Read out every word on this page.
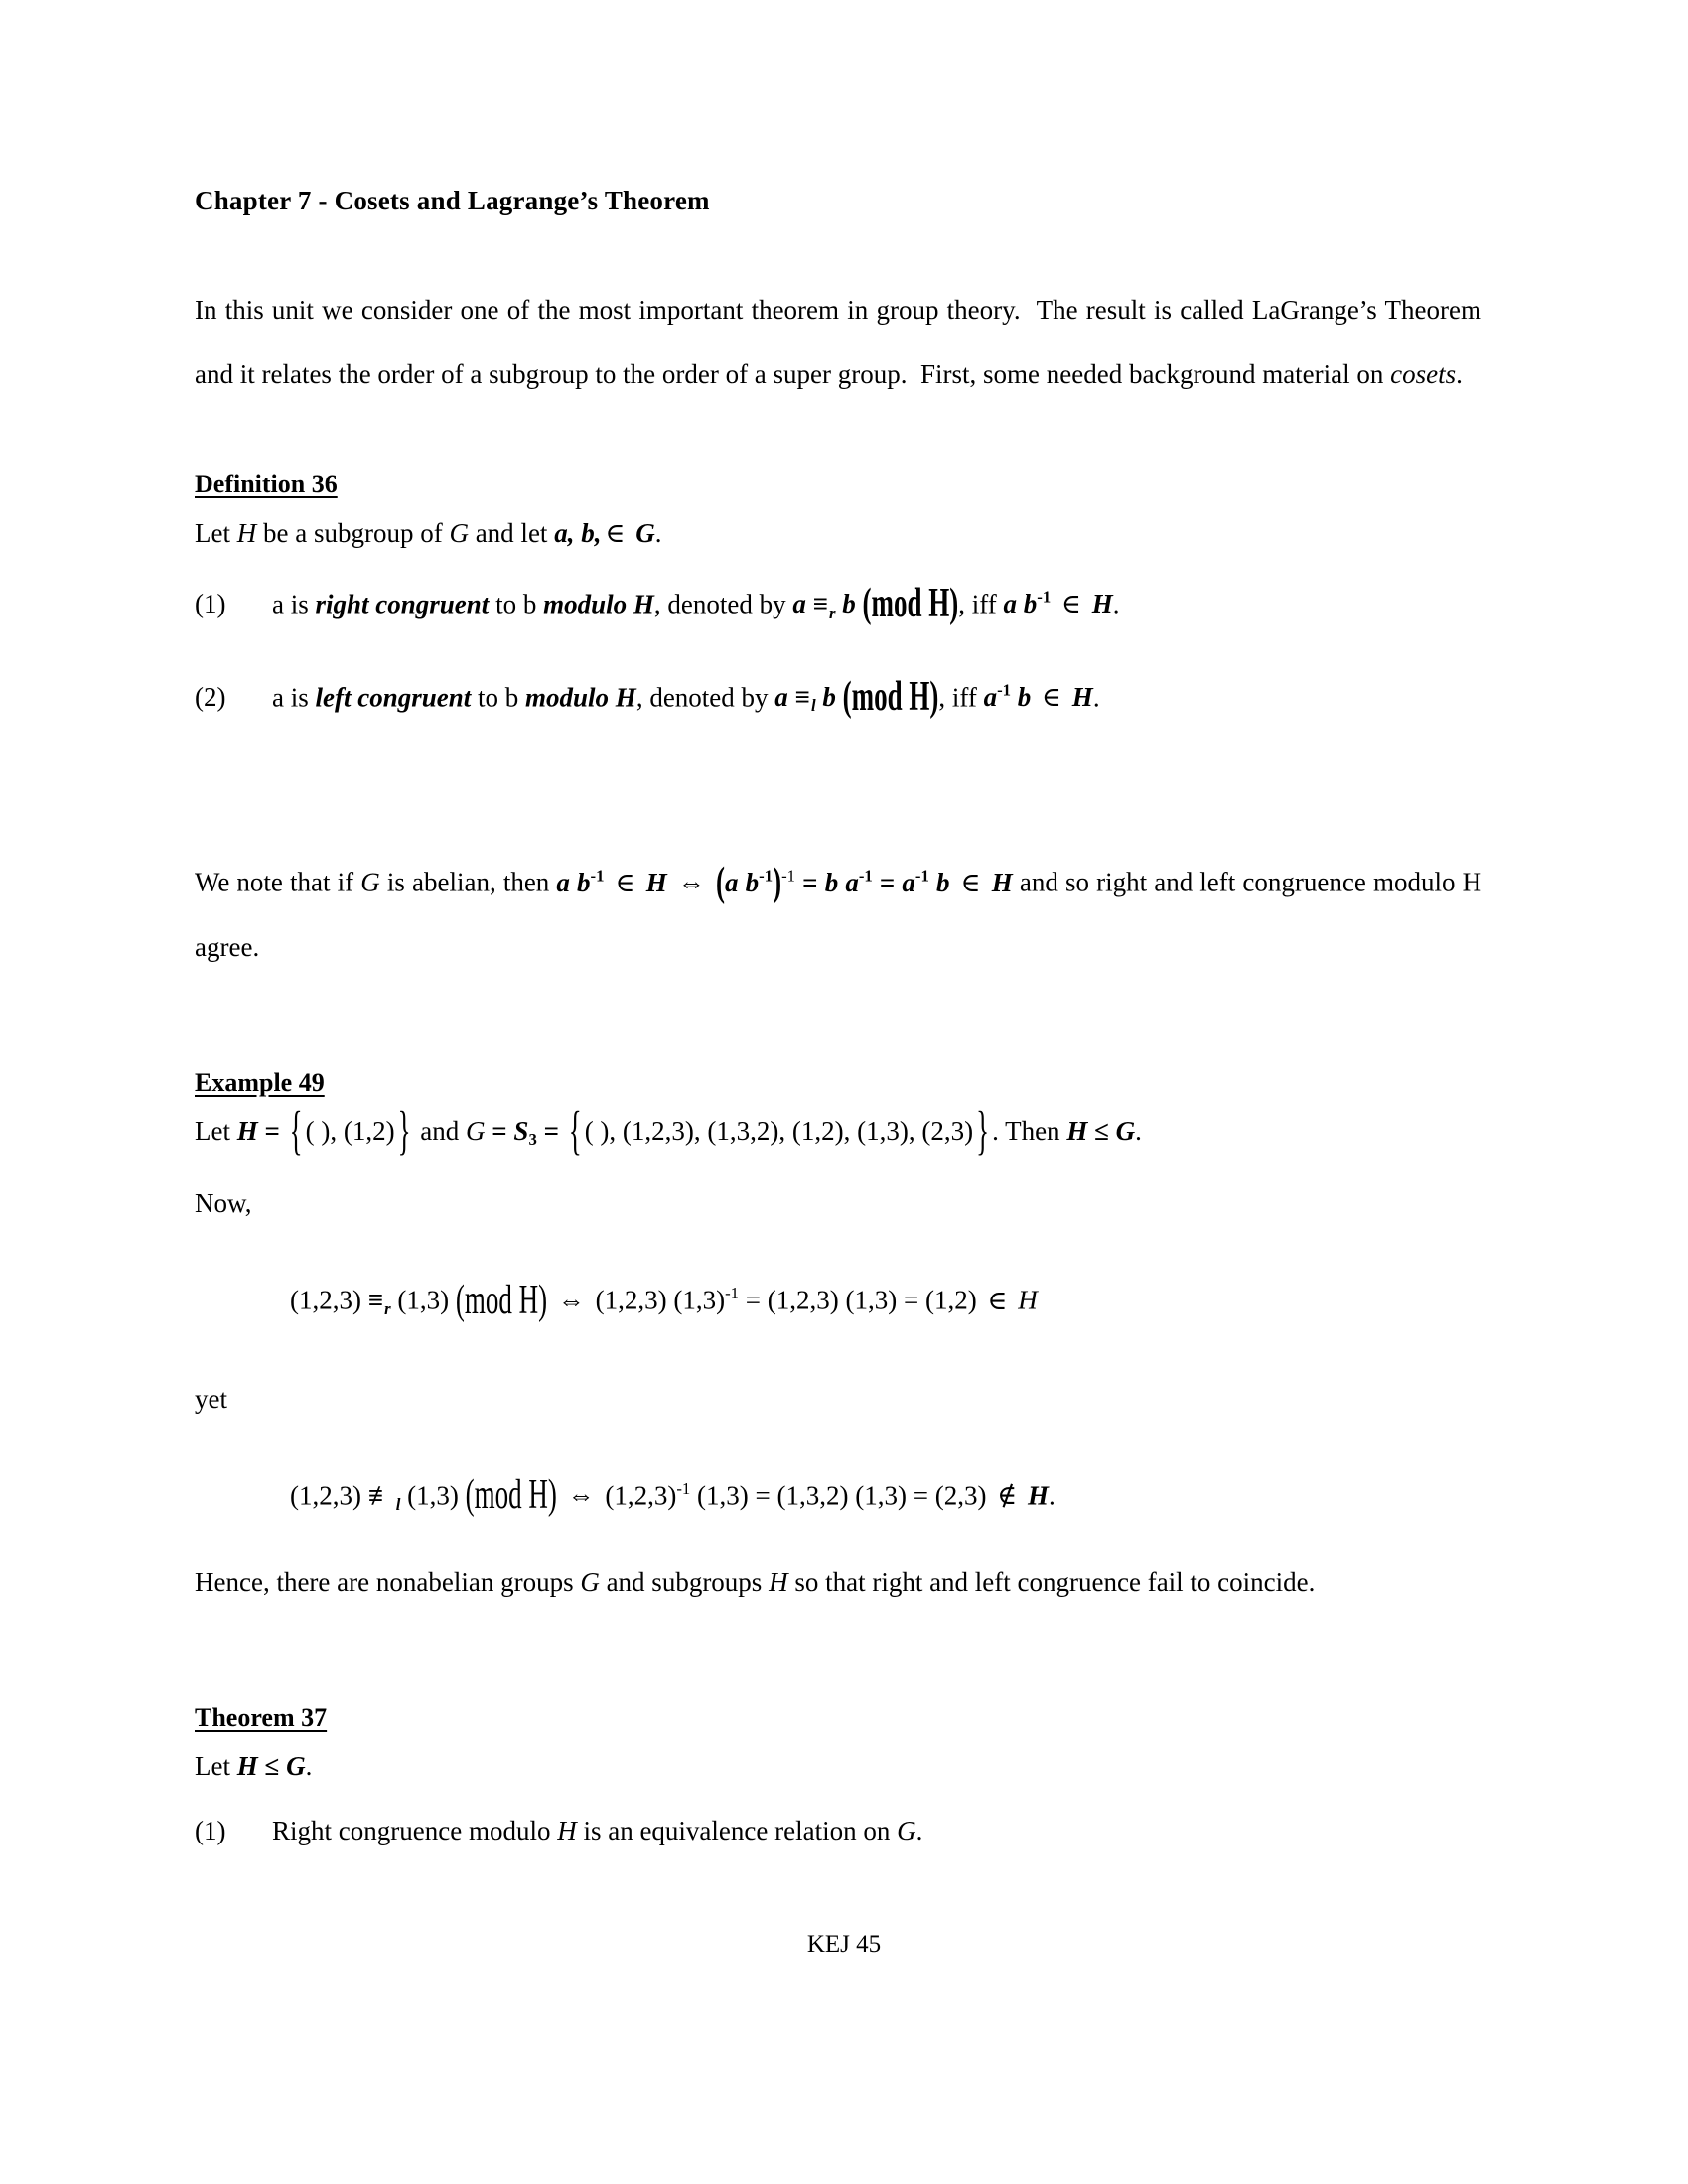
Chapter 7 - Cosets and Lagrange’s Theorem

In this unit we consider one of the most important theorem in group theory.  The result is called LaGrange’s Theorem and it relates the order of a subgroup to the order of a super group.  First, some needed background material on cosets.

Definition 36

Let H be a subgroup of G and let a, b, ∈ G.

(1)	a is right congruent to b modulo H, denoted by $a \equiv_r$ b (mod H), iff a $b^{-1}$ ∈ H.
(2)	a is left congruent to b modulo H, denoted by $a \equiv_l$ b (mod H), iff $a^{-1}$ b ∈ H.

We note that if G is abelian, then a $b^{-1}$ ∈ H ⇔ (a $b^{-1})^{-1} = b$ $a^{-1} = a^{-1}$ b ∈ H and so right and left congruence modulo H agree.

Example 49

Let H = { ( ), (1,2) } and $G = S_3$ = { ( ), (1,2,3), (1,3,2), (1,2), (1,3), (2,3) } . Then H ≤ G.

Now,

$(1,2,3) \equiv_r$ (1,3) (mod H) ⇔ (1,2,3) $(1,3)^{-1} = (1,2,3) (1,3) = (1,2)$ ∈ H

yet

(1,2,3) $≢_l$ (1,3) (mod H) ⇔ $(1,2,3)^{-1}$ (1,3) = (1,3,2) (1,3) = (2,3) ∉ H.

Hence, there are nonabelian groups G and subgroups H so that right and left congruence fail to coincide.

Theorem 37

Let H ≤ G.

(1)	Right congruence modulo H is an equivalence relation on G.
KEJ 45
